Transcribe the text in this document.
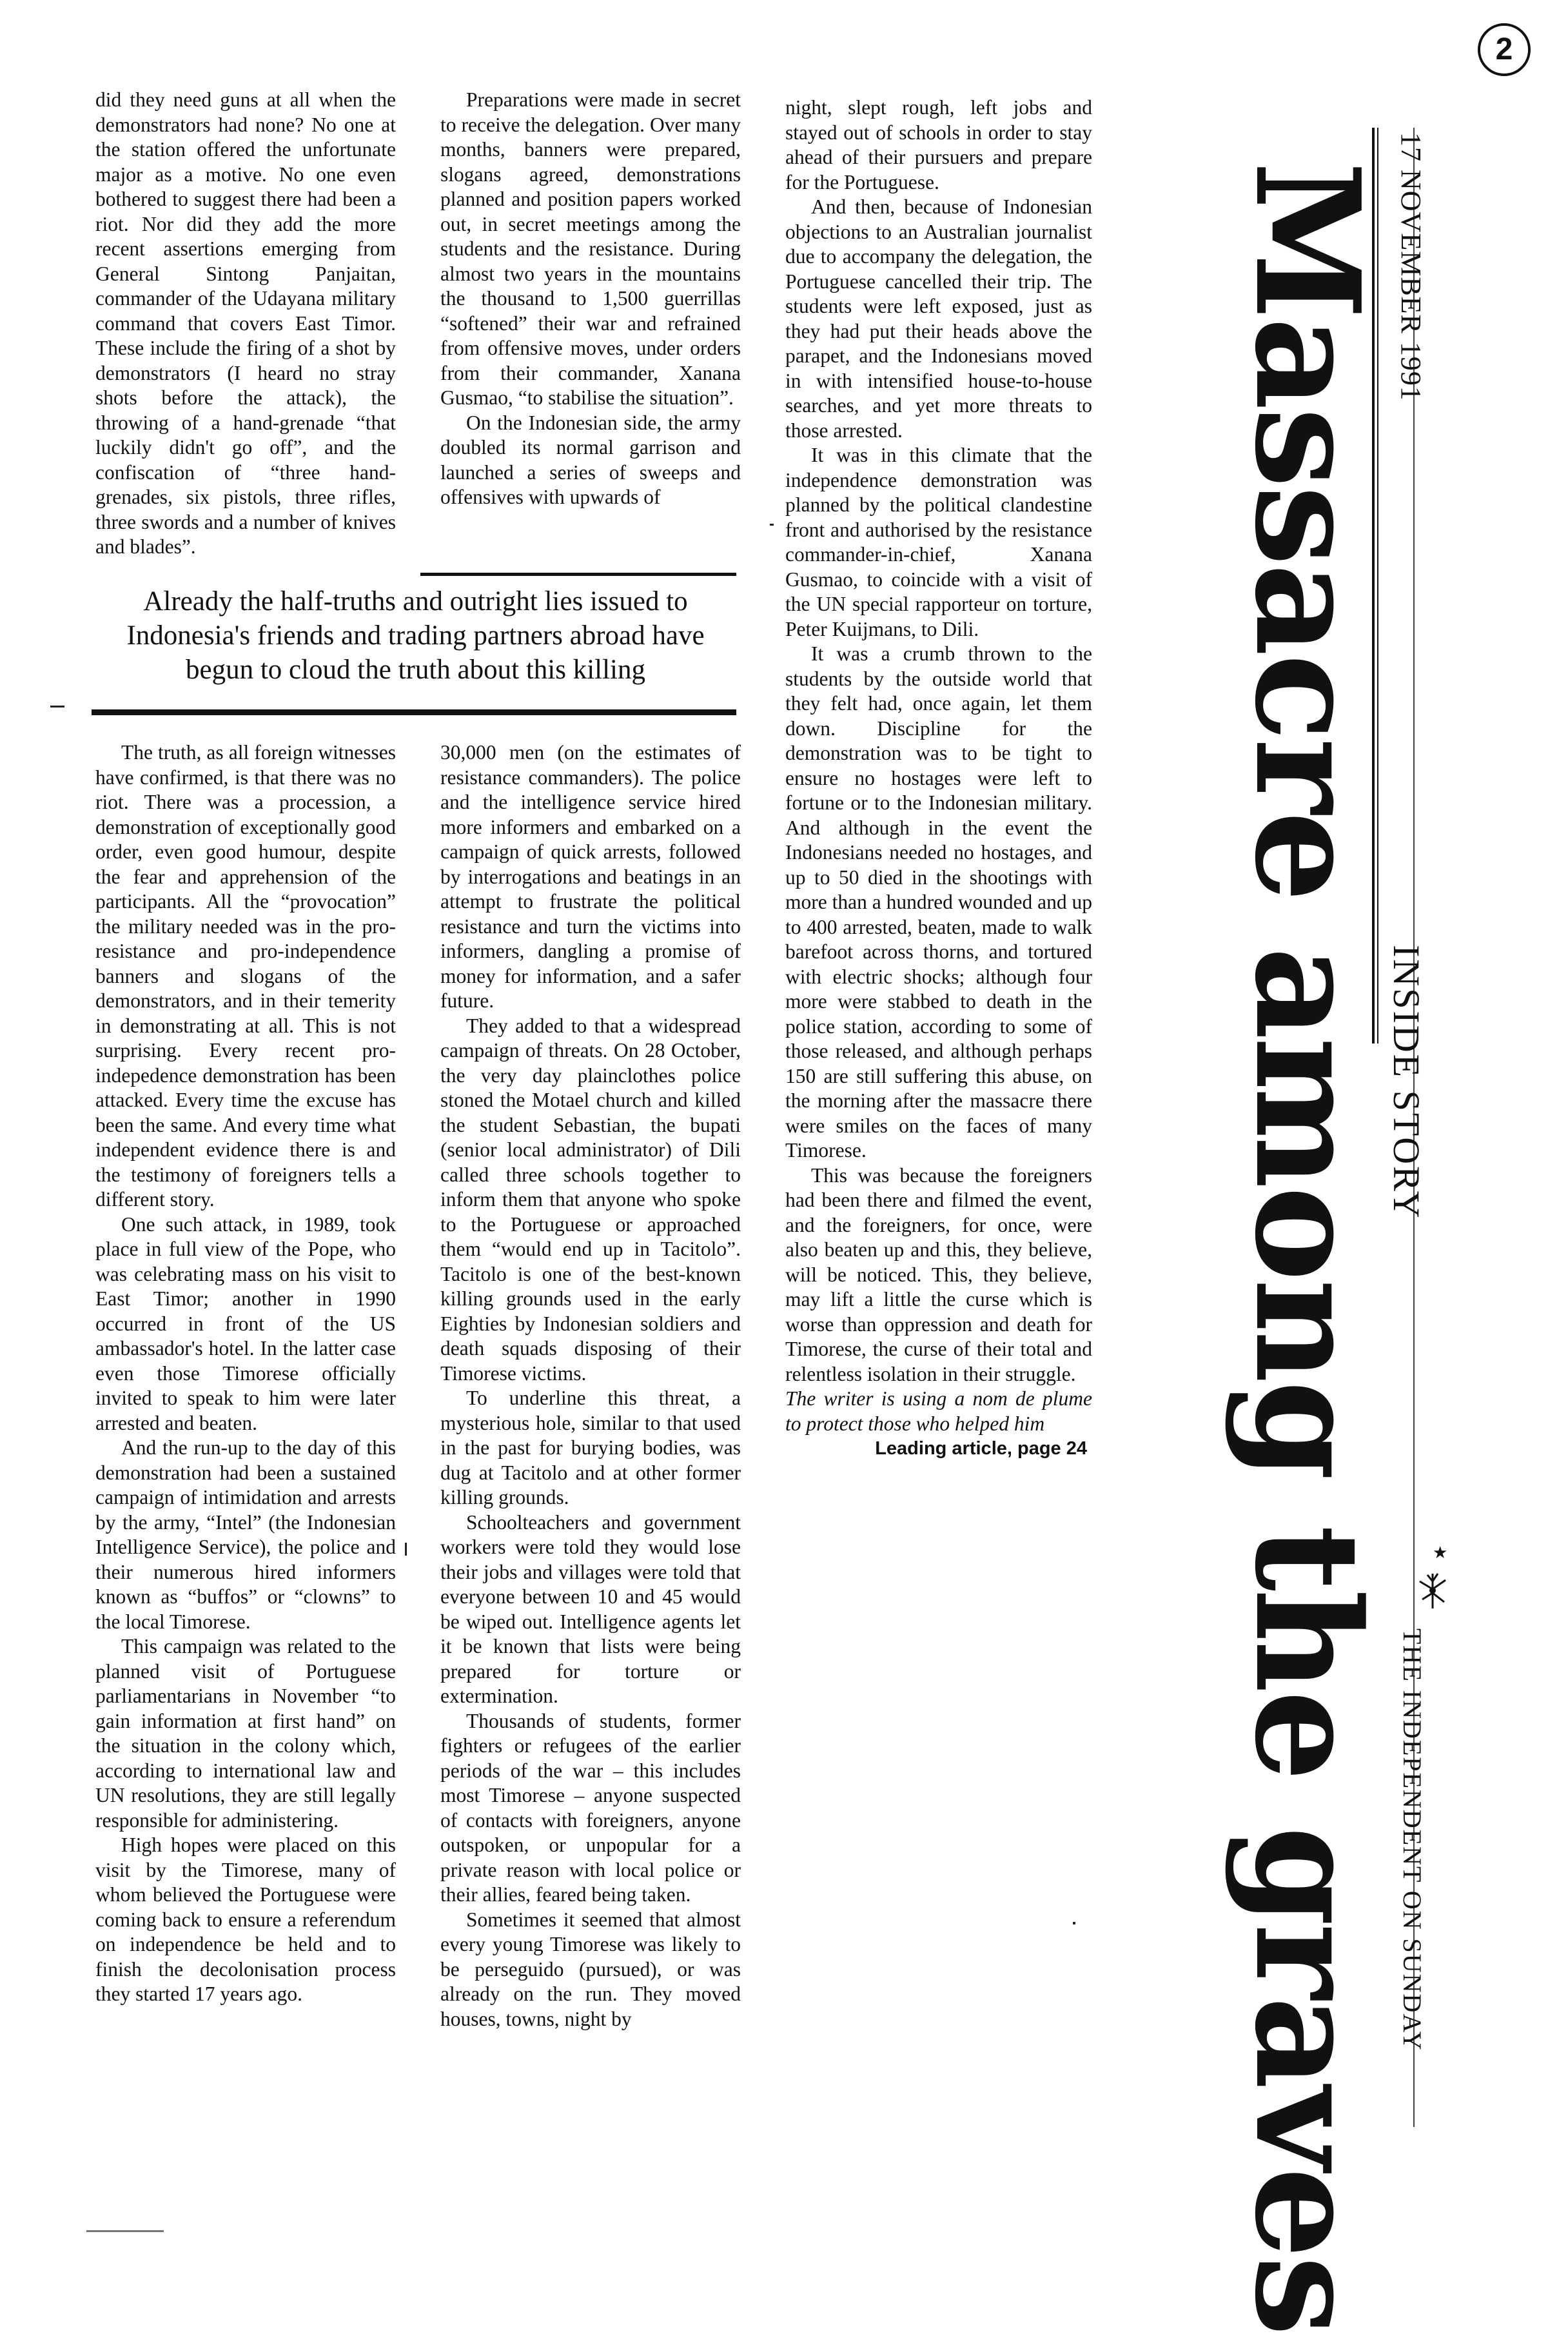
17 NOVEMBER 1991
Massacre among the graves
INSIDE STORY
THE INDEPENDENT ON SUNDAY
★
2

did they need guns at all when the demonstrators had none? No one at the station offered the unfortunate major as a motive. No one even bothered to suggest there had been a riot. Nor did they add the more recent assertions emerging from General Sintong Panjaitan, commander of the Udayana military command that covers East Timor. These include the firing of a shot by demonstrators (I heard no stray shots before the attack), the throwing of a hand-grenade “that luckily didn't go off”, and the confiscation of “three hand-grenades, six pistols, three rifles, three swords and a number of knives and blades”.

Preparations were made in secret to receive the delegation. Over many months, banners were prepared, slogans agreed, demonstrations planned and position papers worked out, in secret meetings among the students and the resistance. During almost two years in the mountains the thousand to 1,500 guerrillas “softened” their war and refrained from offensive moves, under orders from their commander, Xanana Gusmao, “to stabilise the situation”.

On the Indonesian side, the army doubled its normal garrison and launched a series of sweeps and offensives with upwards of

Already the half-truths and outright lies issued to Indonesia's friends and trading partners abroad have begun to cloud the truth about this killing

The truth, as all foreign witnesses have confirmed, is that there was no riot. There was a procession, a demonstration of exceptionally good order, even good humour, despite the fear and apprehension of the participants. All the “provocation” the military needed was in the pro-resistance and pro-independence banners and slogans of the demonstrators, and in their temerity in demonstrating at all. This is not surprising. Every recent pro-indepedence demonstration has been attacked. Every time the excuse has been the same. And every time what independent evidence there is and the testimony of foreigners tells a different story.

One such attack, in 1989, took place in full view of the Pope, who was celebrating mass on his visit to East Timor; another in 1990 occurred in front of the US ambassador's hotel. In the latter case even those Timorese officially invited to speak to him were later arrested and beaten.

And the run-up to the day of this demonstration had been a sustained campaign of intimidation and arrests by the army, “Intel” (the Indonesian Intelligence Service), the police and their numerous hired informers known as “buffos” or “clowns” to the local Timorese.

This campaign was related to the planned visit of Portuguese parliamentarians in November “to gain information at first hand” on the situation in the colony which, according to international law and UN resolutions, they are still legally responsible for administering.

High hopes were placed on this visit by the Timorese, many of whom believed the Portuguese were coming back to ensure a referendum on independence be held and to finish the decolonisation process they started 17 years ago.

30,000 men (on the estimates of resistance commanders). The police and the intelligence service hired more informers and embarked on a campaign of quick arrests, followed by interrogations and beatings in an attempt to frustrate the political resistance and turn the victims into informers, dangling a promise of money for information, and a safer future.

They added to that a widespread campaign of threats. On 28 October, the very day plainclothes police stoned the Motael church and killed the student Sebastian, the bupati (senior local administrator) of Dili called three schools together to inform them that anyone who spoke to the Portuguese or approached them “would end up in Tacitolo”. Tacitolo is one of the best-known killing grounds used in the early Eighties by Indonesian soldiers and death squads disposing of their Timorese victims.

To underline this threat, a mysterious hole, similar to that used in the past for burying bodies, was dug at Tacitolo and at other former killing grounds.

Schoolteachers and government workers were told they would lose their jobs and villages were told that everyone between 10 and 45 would be wiped out. Intelligence agents let it be known that lists were being prepared for torture or extermination.

Thousands of students, former fighters or refugees of the earlier periods of the war – this includes most Timorese – anyone suspected of contacts with foreigners, anyone outspoken, or unpopular for a private reason with local police or their allies, feared being taken.

Sometimes it seemed that almost every young Timorese was likely to be perseguido (pursued), or was already on the run. They moved houses, towns, night by

night, slept rough, left jobs and stayed out of schools in order to stay ahead of their pursuers and prepare for the Portuguese.

And then, because of Indonesian objections to an Australian journalist due to accompany the delegation, the Portuguese cancelled their trip. The students were left exposed, just as they had put their heads above the parapet, and the Indonesians moved in with intensified house-to-house searches, and yet more threats to those arrested.

It was in this climate that the independence demonstration was planned by the political clandestine front and authorised by the resistance commander-in-chief, Xanana Gusmao, to coincide with a visit of the UN special rapporteur on torture, Peter Kuijmans, to Dili.

It was a crumb thrown to the students by the outside world that they felt had, once again, let them down. Discipline for the demonstration was to be tight to ensure no hostages were left to fortune or to the Indonesian military. And although in the event the Indonesians needed no hostages, and up to 50 died in the shootings with more than a hundred wounded and up to 400 arrested, beaten, made to walk barefoot across thorns, and tortured with electric shocks; although four more were stabbed to death in the police station, according to some of those released, and although perhaps 150 are still suffering this abuse, on the morning after the massacre there were smiles on the faces of many Timorese.

This was because the foreigners had been there and filmed the event, and the foreigners, for once, were also beaten up and this, they believe, will be noticed. This, they believe, may lift a little the curse which is worse than oppression and death for Timorese, the curse of their total and relentless isolation in their struggle.

The writer is using a nom de plume to protect those who helped him

Leading article, page 24
